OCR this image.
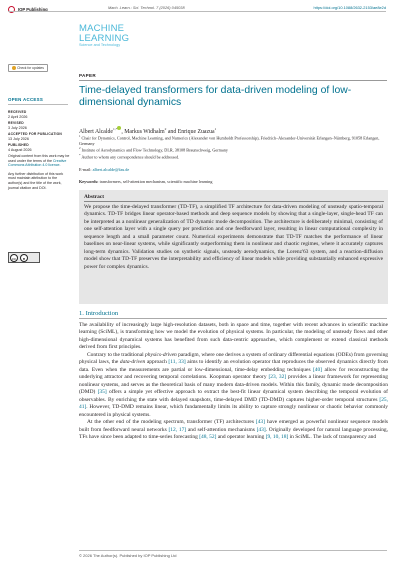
IOP Publishing	Mach. Learn.: Sci. Technol. 7 (2026) 045038	https://doi.org/10.1088/2632-2153/ae8e2d
MACHINE
LEARNING
Science and Technology
Check for updates
PAPER
Time-delayed transformers for data-driven modeling of low-dimensional dynamics
OPEN ACCESS
RECEIVED
2 April 2026
REVISED
3 July 2026
ACCEPTED FOR PUBLICATION
13 July 2026
PUBLISHED
4 August 2026

Original content from this work may be used under the terms of the Creative Commons Attribution 4.0 licence.

Any further distribution of this work must maintain attribution to the author(s) and the title of the work, journal citation and DOI.

cc	●
Albert Alcalde$^{1,*}$ , Markus Widhalm$^2$ and Enrique Zuazua$^1$
$^1$ Chair for Dynamics, Control, Machine Learning, and Numerics (Alexander von Humboldt Professorship), Friedrich–Alexander-Universität Erlangen–Nürnberg, 91058 Erlangen, Germany
$^2$ Institute of Aerodynamics and Flow Technology, DLR, 38108 Braunschweig, Germany
* Author to whom any correspondence should be addressed.
E-mail: albert.alcalde@fau.de
Keywords: transformers, self-attention mechanism, scientific machine learning
Abstract
We propose the time-delayed transformer (TD-TF), a simplified TF architecture for data-driven modeling of unsteady spatio-temporal dynamics. TD-TF bridges linear operator-based methods and deep sequence models by showing that a single-layer, single-head TF can be interpreted as a nonlinear generalization of TD dynamic mode decomposition. The architecture is deliberately minimal, consisting of one self-attention layer with a single query per prediction and one feedforward layer, resulting in linear computational complexity in sequence length and a small parameter count. Numerical experiments demonstrate that TD-TF matches the performance of linear baselines on near-linear systems, while significantly outperforming them in nonlinear and chaotic regimes, where it accurately captures long-term dynamics. Validation studies on synthetic signals, unsteady aerodynamics, the Lorenz'63 system, and a reaction-diffusion model show that TD-TF preserves the interpretability and efficiency of linear models while providing substantially enhanced expressive power for complex dynamics.
1. Introduction

The availability of increasingly large high-resolution datasets, both in space and time, together with recent advances in scientific machine learning (SciML), is transforming how we model the evolution of physical systems. In particular, the modeling of unsteady flows and other high-dimensional dynamical systems has benefited from such data-centric approaches, which complement or extend classical methods derived from first principles.

Contrary to the traditional physics-driven paradigm, where one derives a system of ordinary differential equations (ODEs) from governing physical laws, the data-driven approach [11, 33] aims to identify an evolution operator that reproduces the observed dynamics directly from data. Even when the measurements are partial or low-dimensional, time-delay embedding techniques [40] allow for reconstructing the underlying attractor and recovering temporal correlations. Koopman operator theory [23, 32] provides a linear framework for representing nonlinear systems, and serves as the theoretical basis of many modern data-driven models. Within this family, dynamic mode decomposition (DMD) [35] offers a simple yet effective approach to extract the best-fit linear dynamical system describing the temporal evolution of observables. By enriching the state with delayed snapshots, time-delayed DMD (TD-DMD) captures higher-order temporal structures [25, 41]. However, TD-DMD remains linear, which fundamentally limits its ability to capture strongly nonlinear or chaotic behavior commonly encountered in physical systems.

At the other end of the modeling spectrum, transformer (TF) architectures [43] have emerged as powerful nonlinear sequence models built from feedforward neural networks [12, 17] and self-attention mechanisms [43]. Originally developed for natural language processing, TFs have since been adapted to time-series forecasting [48, 52] and operator learning [9, 10, 18] in SciML. The lack of transparency and

© 2026 The Author(s). Published by IOP Publishing Ltd
